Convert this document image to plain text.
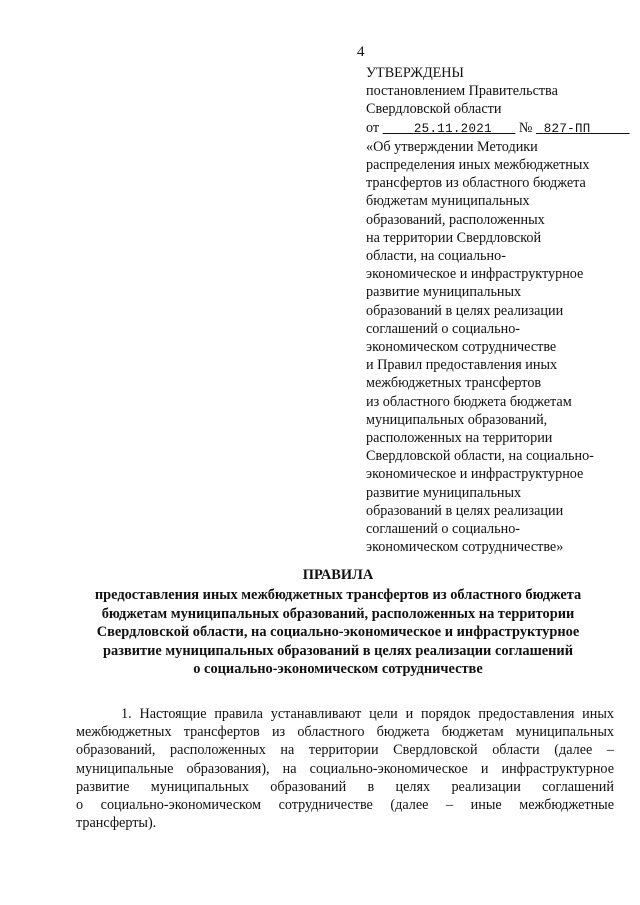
4
УТВЕРЖДЕНЫ
постановлением Правительства
Свердловской области
от	25.11.2021 № 827-ПП
«Об утверждении Методики
распределения иных межбюджетных
трансфертов из областного бюджета
бюджетам муниципальных
образований, расположенных
на территории Свердловской
области, на социально-
экономическое и инфраструктурное
развитие муниципальных
образований в целях реализации
соглашений о социально-
экономическом сотрудничестве
и Правил предоставления иных
межбюджетных трансфертов
из областного бюджета бюджетам
муниципальных образований,
расположенных на территории
Свердловской области, на социально-
экономическое и инфраструктурное
развитие муниципальных
образований в целях реализации
соглашений о социально-
экономическом сотрудничестве»
ПРАВИЛА
предоставления иных межбюджетных трансфертов из областного бюджета
бюджетам муниципальных образований, расположенных на территории
Свердловской области, на социально-экономическое и инфраструктурное
развитие муниципальных образований в целях реализации соглашений
о социально-экономическом сотрудничестве
1. Настоящие правила устанавливают цели и порядок предоставления иных
межбюджетных трансфертов из областного бюджета бюджетам муниципальных
образований, расположенных на территории Свердловской области (далее –
муниципальные образования), на социально-экономическое и инфраструктурное
развитие муниципальных образований в целях реализации соглашений
о социально-экономическом сотрудничестве (далее – иные межбюджетные
трансферты).
